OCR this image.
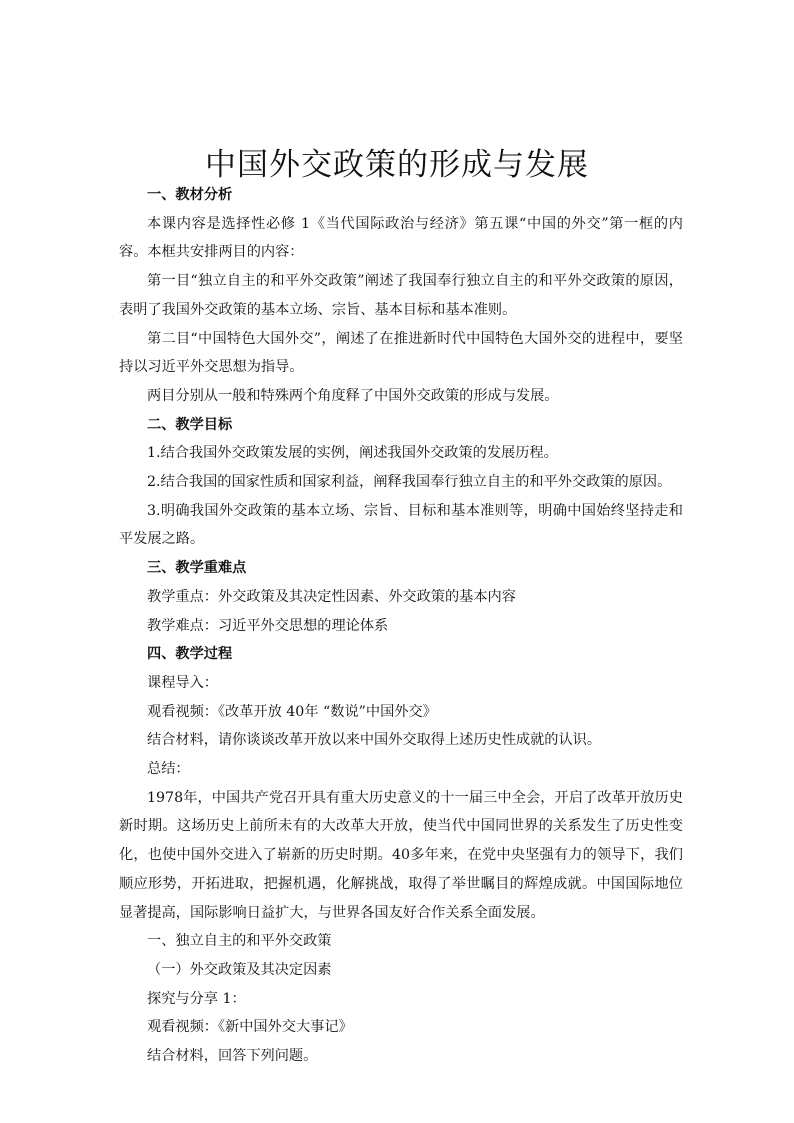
中国外交政策的形成与发展

一、教材分析

本课内容是选择性必修 1《当代国际政治与经济》第五课“中国的外交”第一框的内容。本框共安排两目的内容：

第一目“独立自主的和平外交政策”阐述了我国奉行独立自主的和平外交政策的原因，表明了我国外交政策的基本立场、宗旨、基本目标和基本准则。

第二目“中国特色大国外交”，阐述了在推进新时代中国特色大国外交的进程中，要坚持以习近平外交思想为指导。

两目分别从一般和特殊两个角度释了中国外交政策的形成与发展。

二、教学目标

1.结合我国外交政策发展的实例，阐述我国外交政策的发展历程。

2.结合我国的国家性质和国家利益，阐释我国奉行独立自主的和平外交政策的原因。

3.明确我国外交政策的基本立场、宗旨、目标和基本准则等，明确中国始终坚持走和平发展之路。

三、教学重难点

教学重点：外交政策及其决定性因素、外交政策的基本内容

教学难点：习近平外交思想的理论体系

四、教学过程

课程导入：

观看视频：《改革开放 40年 “数说”中国外交》

结合材料，请你谈谈改革开放以来中国外交取得上述历史性成就的认识。

总结：

1978年，中国共产党召开具有重大历史意义的十一届三中全会，开启了改革开放历史新时期。这场历史上前所未有的大改革大开放，使当代中国同世界的关系发生了历史性变化，也使中国外交进入了崭新的历史时期。40多年来，在党中央坚强有力的领导下，我们顺应形势，开拓进取，把握机遇，化解挑战，取得了举世瞩目的辉煌成就。中国国际地位显著提高，国际影响日益扩大，与世界各国友好合作关系全面发展。

一、独立自主的和平外交政策

（一）外交政策及其决定因素

探究与分享 1：

观看视频：《新中国外交大事记》

结合材料，回答下列问题。
